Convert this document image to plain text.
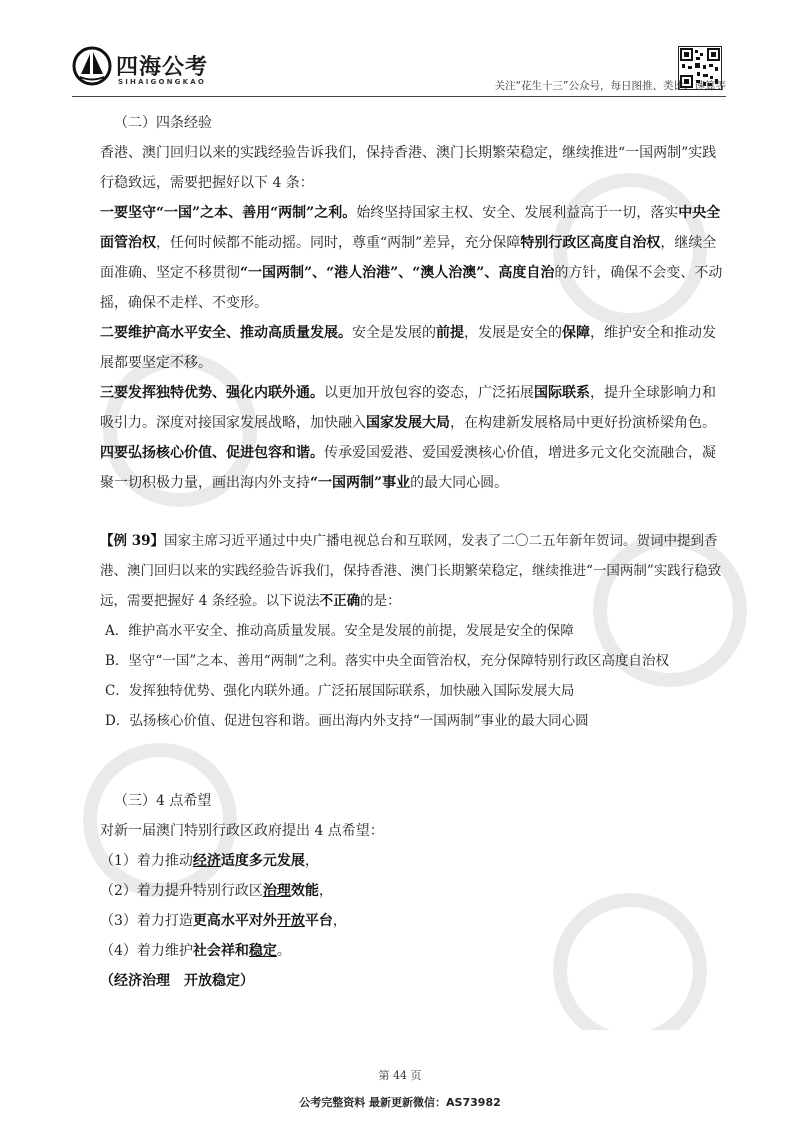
四海公考
SIHAIGONGKAO	关注“花生十三”公众号，每日图推、类比、速算等

（二）四条经验

香港、澳门回归以来的实践经验告诉我们，保持香港、澳门长期繁荣稳定，继续推进“一国两制”实践行稳致远，需要把握好以下 4 条：

一要坚守“一国”之本、善用“两制”之利。始终坚持国家主权、安全、发展利益高于一切，落实中央全面管治权，任何时候都不能动摇。同时，尊重“两制”差异，充分保障特别行政区高度自治权，继续全面准确、坚定不移贯彻“一国两制”、“港人治港”、“澳人治澳”、高度自治的方针，确保不会变、不动摇，确保不走样、不变形。

二要维护高水平安全、推动高质量发展。安全是发展的前提，发展是安全的保障，维护安全和推动发展都要坚定不移。

三要发挥独特优势、强化内联外通。以更加开放包容的姿态，广泛拓展国际联系，提升全球影响力和吸引力。深度对接国家发展战略，加快融入国家发展大局，在构建新发展格局中更好扮演桥梁角色。

四要弘扬核心价值、促进包容和谐。传承爱国爱港、爱国爱澳核心价值，增进多元文化交流融合，凝聚一切积极力量，画出海内外支持“一国两制”事业的最大同心圆。

【例 39】国家主席习近平通过中央广播电视总台和互联网，发表了二〇二五年新年贺词。贺词中提到香港、澳门回归以来的实践经验告诉我们，保持香港、澳门长期繁荣稳定，继续推进“一国两制”实践行稳致远，需要把握好 4 条经验。以下说法不正确的是：

A．维护高水平安全、推动高质量发展。安全是发展的前提，发展是安全的保障

B．坚守“一国”之本、善用“两制”之利。落实中央全面管治权，充分保障特别行政区高度自治权

C．发挥独特优势、强化内联外通。广泛拓展国际联系，加快融入国际发展大局

D．弘扬核心价值、促进包容和谐。画出海内外支持“一国两制”事业的最大同心圆

（三）4 点希望

对新一届澳门特别行政区政府提出 4 点希望：

（1）着力推动经济适度多元发展，

（2）着力提升特别行政区治理效能，

（3）着力打造更高水平对外开放平台，

（4）着力维护社会祥和稳定。

（经济治理　开放稳定）

第 44 页
公考完整资料 最新更新微信：AS73982
